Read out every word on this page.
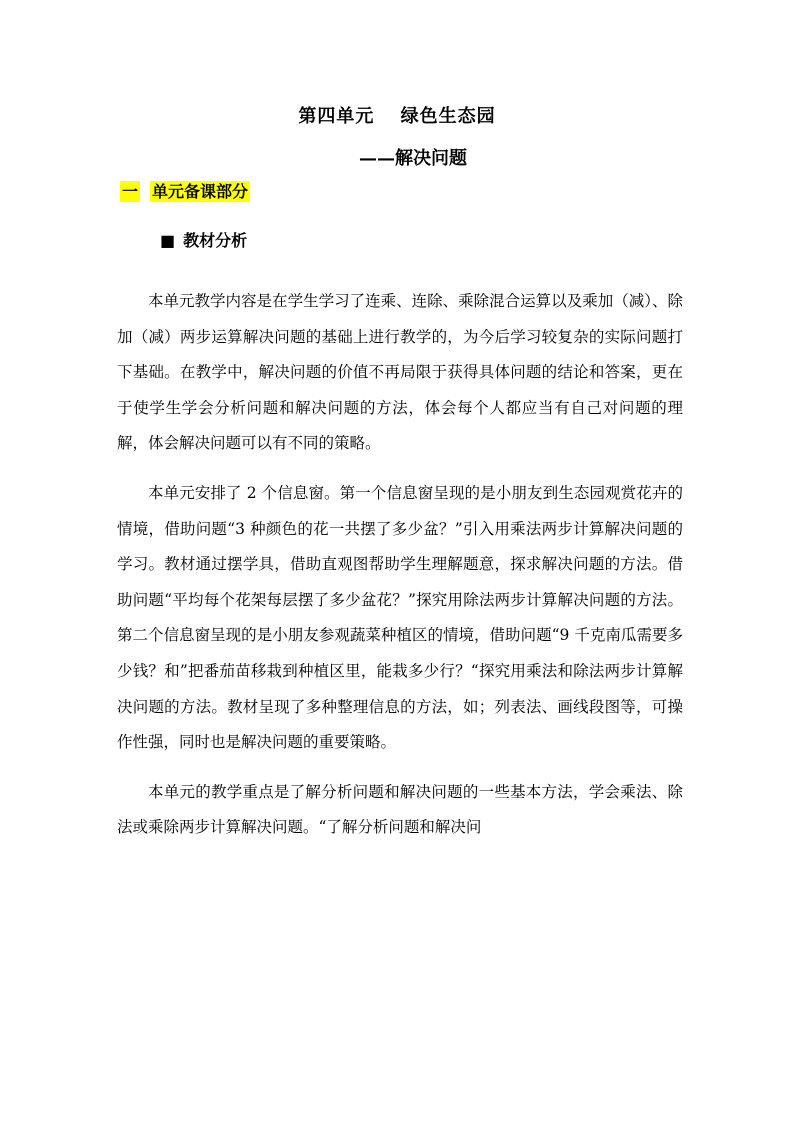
第四单元　 绿色生态园
——解决问题
一 单元备课部分
■ 教材分析

本单元教学内容是在学生学习了连乘、连除、乘除混合运算以及乘加（减）、除加（减）两步运算解决问题的基础上进行教学的，为今后学习较复杂的实际问题打下基础。在教学中，解决问题的价值不再局限于获得具体问题的结论和答案，更在于使学生学会分析问题和解决问题的方法，体会每个人都应当有自己对问题的理解，体会解决问题可以有不同的策略。

本单元安排了 2 个信息窗。第一个信息窗呈现的是小朋友到生态园观赏花卉的情境，借助问题“3 种颜色的花一共摆了多少盆？”引入用乘法两步计算解决问题的学习。教材通过摆学具，借助直观图帮助学生理解题意，探求解决问题的方法。借助问题“平均每个花架每层摆了多少盆花？”探究用除法两步计算解决问题的方法。第二个信息窗呈现的是小朋友参观蔬菜种植区的情境，借助问题“9 千克南瓜需要多少钱？和”把番茄苗移栽到种植区里，能栽多少行？“探究用乘法和除法两步计算解决问题的方法。教材呈现了多种整理信息的方法，如；列表法、画线段图等，可操作性强，同时也是解决问题的重要策略。

本单元的教学重点是了解分析问题和解决问题的一些基本方法，学会乘法、除法或乘除两步计算解决问题。“了解分析问题和解决问
